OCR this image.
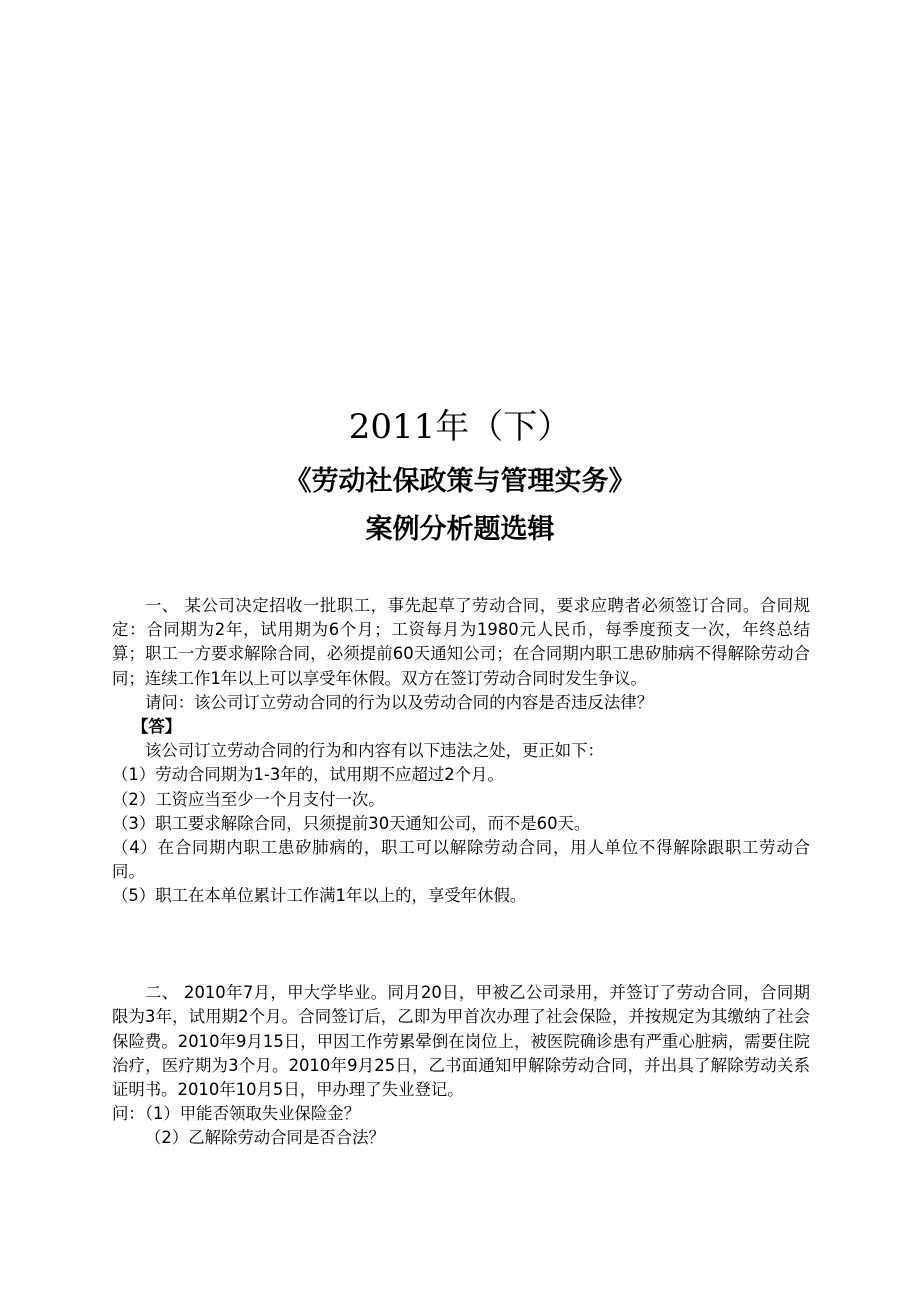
2011年（下）
《劳动社保政策与管理实务》
案例分析题选辑

一、 某公司决定招收一批职工，事先起草了劳动合同，要求应聘者必须签订合同。合同规定：合同期为2年，试用期为6个月；工资每月为1980元人民币，每季度预支一次，年终总结算；职工一方要求解除合同，必须提前60天通知公司；在合同期内职工患矽肺病不得解除劳动合同；连续工作1年以上可以享受年休假。双方在签订劳动合同时发生争议。

请问：该公司订立劳动合同的行为以及劳动合同的内容是否违反法律？

【答】

该公司订立劳动合同的行为和内容有以下违法之处，更正如下：

（1）劳动合同期为1-3年的，试用期不应超过2个月。

（2）工资应当至少一个月支付一次。

（3）职工要求解除合同，只须提前30天通知公司，而不是60天。

（4）在合同期内职工患矽肺病的，职工可以解除劳动合同，用人单位不得解除跟职工劳动合同。

（5）职工在本单位累计工作满1年以上的，享受年休假。

二、 2010年7月，甲大学毕业。同月20日，甲被乙公司录用，并签订了劳动合同，合同期限为3年，试用期2个月。合同签订后，乙即为甲首次办理了社会保险，并按规定为其缴纳了社会保险费。2010年9月15日，甲因工作劳累晕倒在岗位上，被医院确诊患有严重心脏病，需要住院治疗，医疗期为3个月。2010年9月25日，乙书面通知甲解除劳动合同，并出具了解除劳动关系证明书。2010年10月5日，甲办理了失业登记。

问：（1）甲能否领取失业保险金？

（2）乙解除劳动合同是否合法？
